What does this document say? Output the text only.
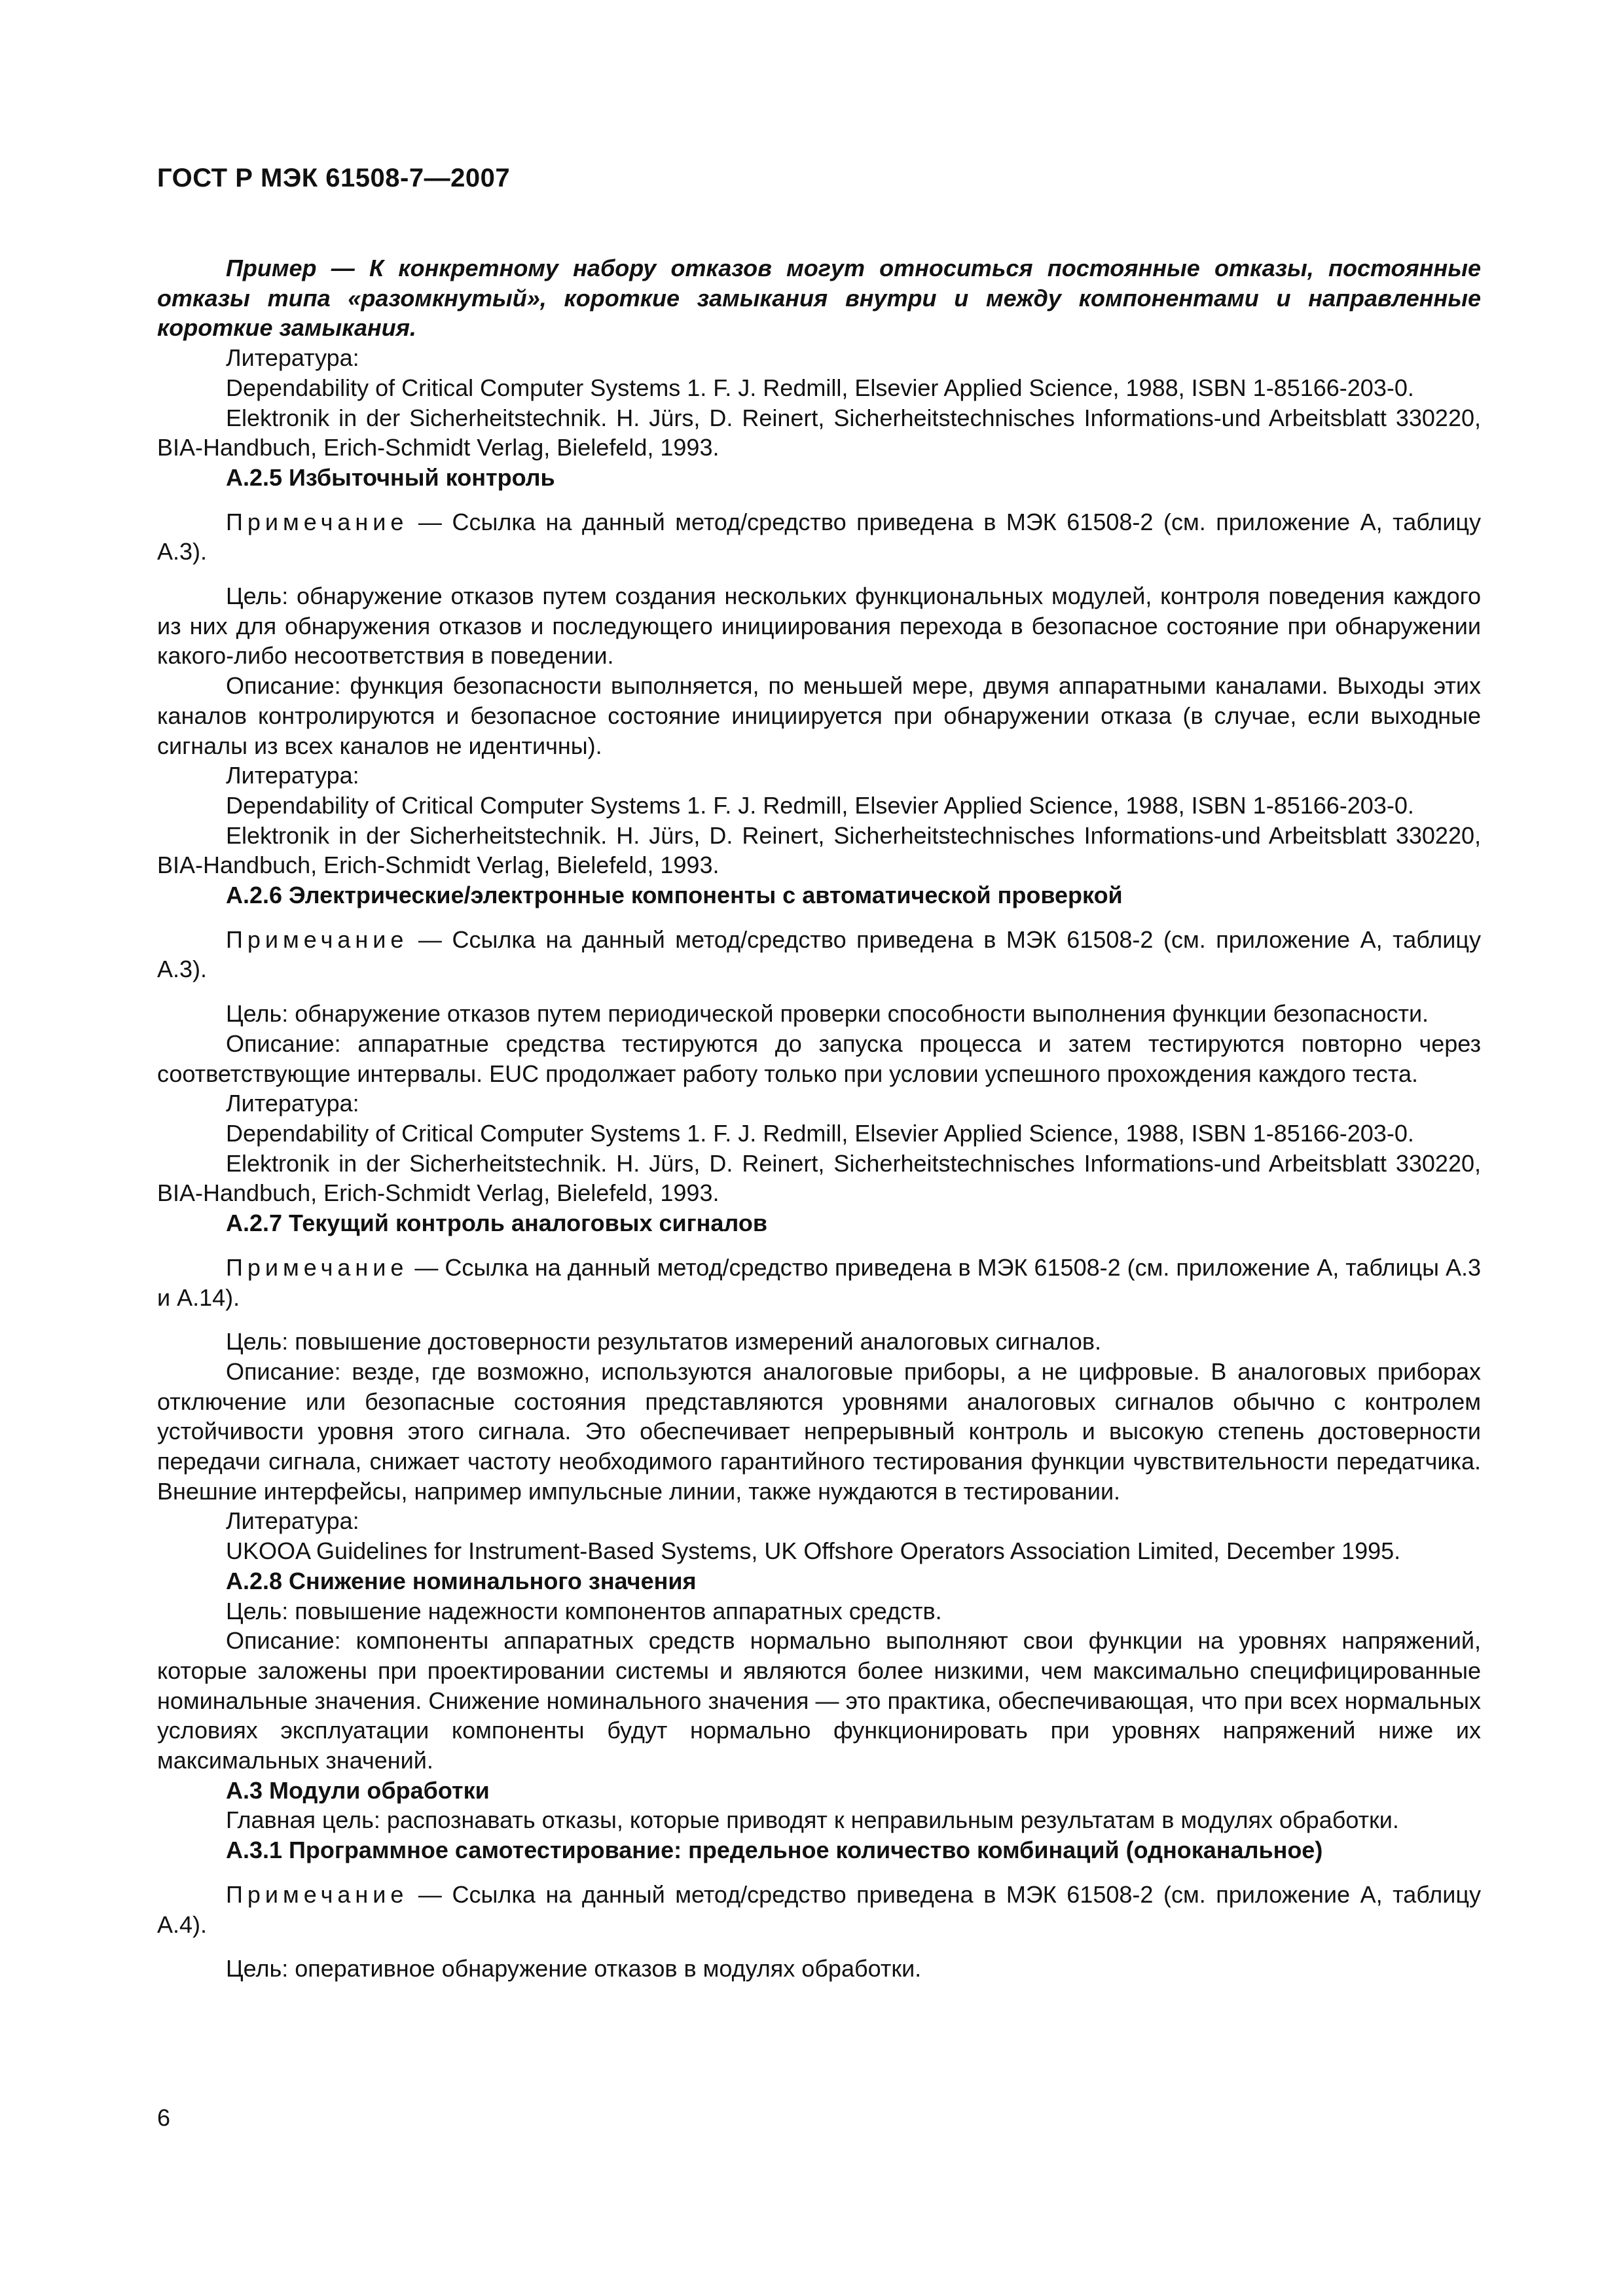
ГОСТ Р МЭК 61508-7—2007

Пример — К конкретному набору отказов могут относиться постоянные отказы, постоянные отказы типа «разомкнутый», короткие замыкания внутри и между компонентами и направленные короткие замыкания.

Литература:

Dependability of Critical Computer Systems 1. F. J. Redmill, Elsevier Applied Science, 1988, ISBN 1-85166-203-0.

Elektronik in der Sicherheitstechnik. H. Jürs, D. Reinert, Sicherheitstechnisches Informations-und Arbeitsblatt 330220, BIA-Handbuch, Erich-Schmidt Verlag, Bielefeld, 1993.

А.2.5 Избыточный контроль

Примечание — Ссылка на данный метод/средство приведена в МЭК 61508-2 (см. приложение А, таблицу А.3).

Цель: обнаружение отказов путем создания нескольких функциональных модулей, контроля поведения каждого из них для обнаружения отказов и последующего инициирования перехода в безопасное состояние при обнаружении какого-либо несоответствия в поведении.

Описание: функция безопасности выполняется, по меньшей мере, двумя аппаратными каналами. Выходы этих каналов контролируются и безопасное состояние инициируется при обнаружении отказа (в случае, если выходные сигналы из всех каналов не идентичны).

Литература:

Dependability of Critical Computer Systems 1. F. J. Redmill, Elsevier Applied Science, 1988, ISBN 1-85166-203-0.

Elektronik in der Sicherheitstechnik. H. Jürs, D. Reinert, Sicherheitstechnisches Informations-und Arbeitsblatt 330220, BIA-Handbuch, Erich-Schmidt Verlag, Bielefeld, 1993.

А.2.6 Электрические/электронные компоненты с автоматической проверкой

Примечание — Ссылка на данный метод/средство приведена в МЭК 61508-2 (см. приложение А, таблицу А.3).

Цель: обнаружение отказов путем периодической проверки способности выполнения функции безопасности.

Описание: аппаратные средства тестируются до запуска процесса и затем тестируются повторно через соответствующие интервалы. EUC продолжает работу только при условии успешного прохождения каждого теста.

Литература:

Dependability of Critical Computer Systems 1. F. J. Redmill, Elsevier Applied Science, 1988, ISBN 1-85166-203-0.

Elektronik in der Sicherheitstechnik. H. Jürs, D. Reinert, Sicherheitstechnisches Informations-und Arbeitsblatt 330220, BIA-Handbuch, Erich-Schmidt Verlag, Bielefeld, 1993.

А.2.7 Текущий контроль аналоговых сигналов

Примечание — Ссылка на данный метод/средство приведена в МЭК 61508-2 (см. приложение А, таблицы А.3 и А.14).

Цель: повышение достоверности результатов измерений аналоговых сигналов.

Описание: везде, где возможно, используются аналоговые приборы, а не цифровые. В аналоговых приборах отключение или безопасные состояния представляются уровнями аналоговых сигналов обычно с контролем устойчивости уровня этого сигнала. Это обеспечивает непрерывный контроль и высокую степень достоверности передачи сигнала, снижает частоту необходимого гарантийного тестирования функции чувствительности передатчика. Внешние интерфейсы, например импульсные линии, также нуждаются в тестировании.

Литература:

UKOOA Guidelines for Instrument-Based Systems, UK Offshore Operators Association Limited, December 1995.

А.2.8 Снижение номинального значения

Цель: повышение надежности компонентов аппаратных средств.

Описание: компоненты аппаратных средств нормально выполняют свои функции на уровнях напряжений, которые заложены при проектировании системы и являются более низкими, чем максимально специфицированные номинальные значения. Снижение номинального значения — это практика, обеспечивающая, что при всех нормальных условиях эксплуатации компоненты будут нормально функционировать при уровнях напряжений ниже их максимальных значений.

А.3 Модули обработки

Главная цель: распознавать отказы, которые приводят к неправильным результатам в модулях обработки.

А.3.1 Программное самотестирование: предельное количество комбинаций (одноканальное)

Примечание — Ссылка на данный метод/средство приведена в МЭК 61508-2 (см. приложение А, таблицу А.4).

Цель: оперативное обнаружение отказов в модулях обработки.

6
